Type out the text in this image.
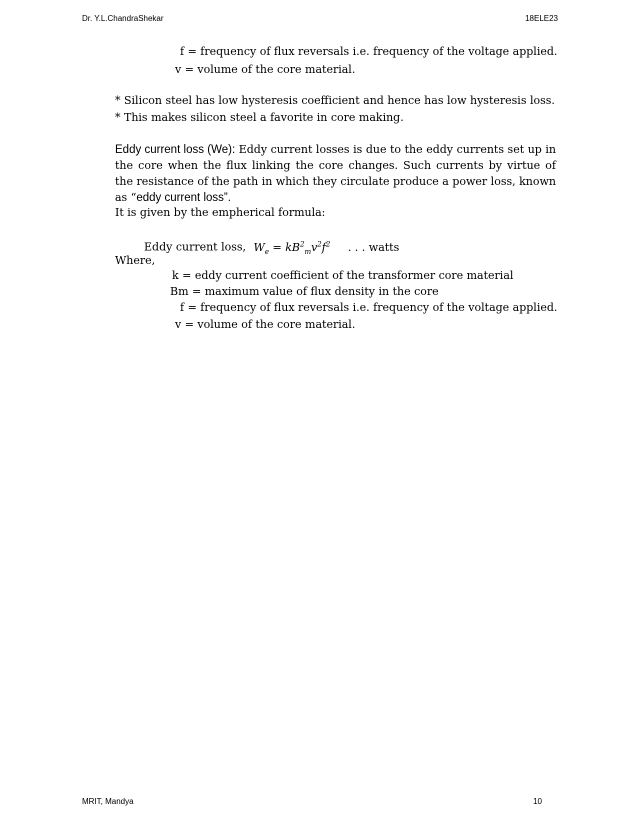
Dr. Y.L.ChandraShekar	18ELE23
f = frequency of flux reversals i.e. frequency of the voltage applied.
v = volume of the core material.
* Silicon steel has low hysteresis coefficient and hence has low hysteresis loss.
* This makes silicon steel a favorite in core making.
Eddy current loss (We): Eddy current losses is due to the eddy currents set up in the core when the flux linking the core changes. Such currents by virtue of the resistance of the path in which they circulate produce a power loss, known as “eddy current loss”.
It is given by the empherical formula:
Eddy current loss, $W_e = kB^2_mv^2f^2$ . . . watts
Where,
k = eddy current coefficient of the transformer core material
Bm = maximum value of flux density in the core
f = frequency of flux reversals i.e. frequency of the voltage applied.
v = volume of the core material.
MRIT, Mandya	10
